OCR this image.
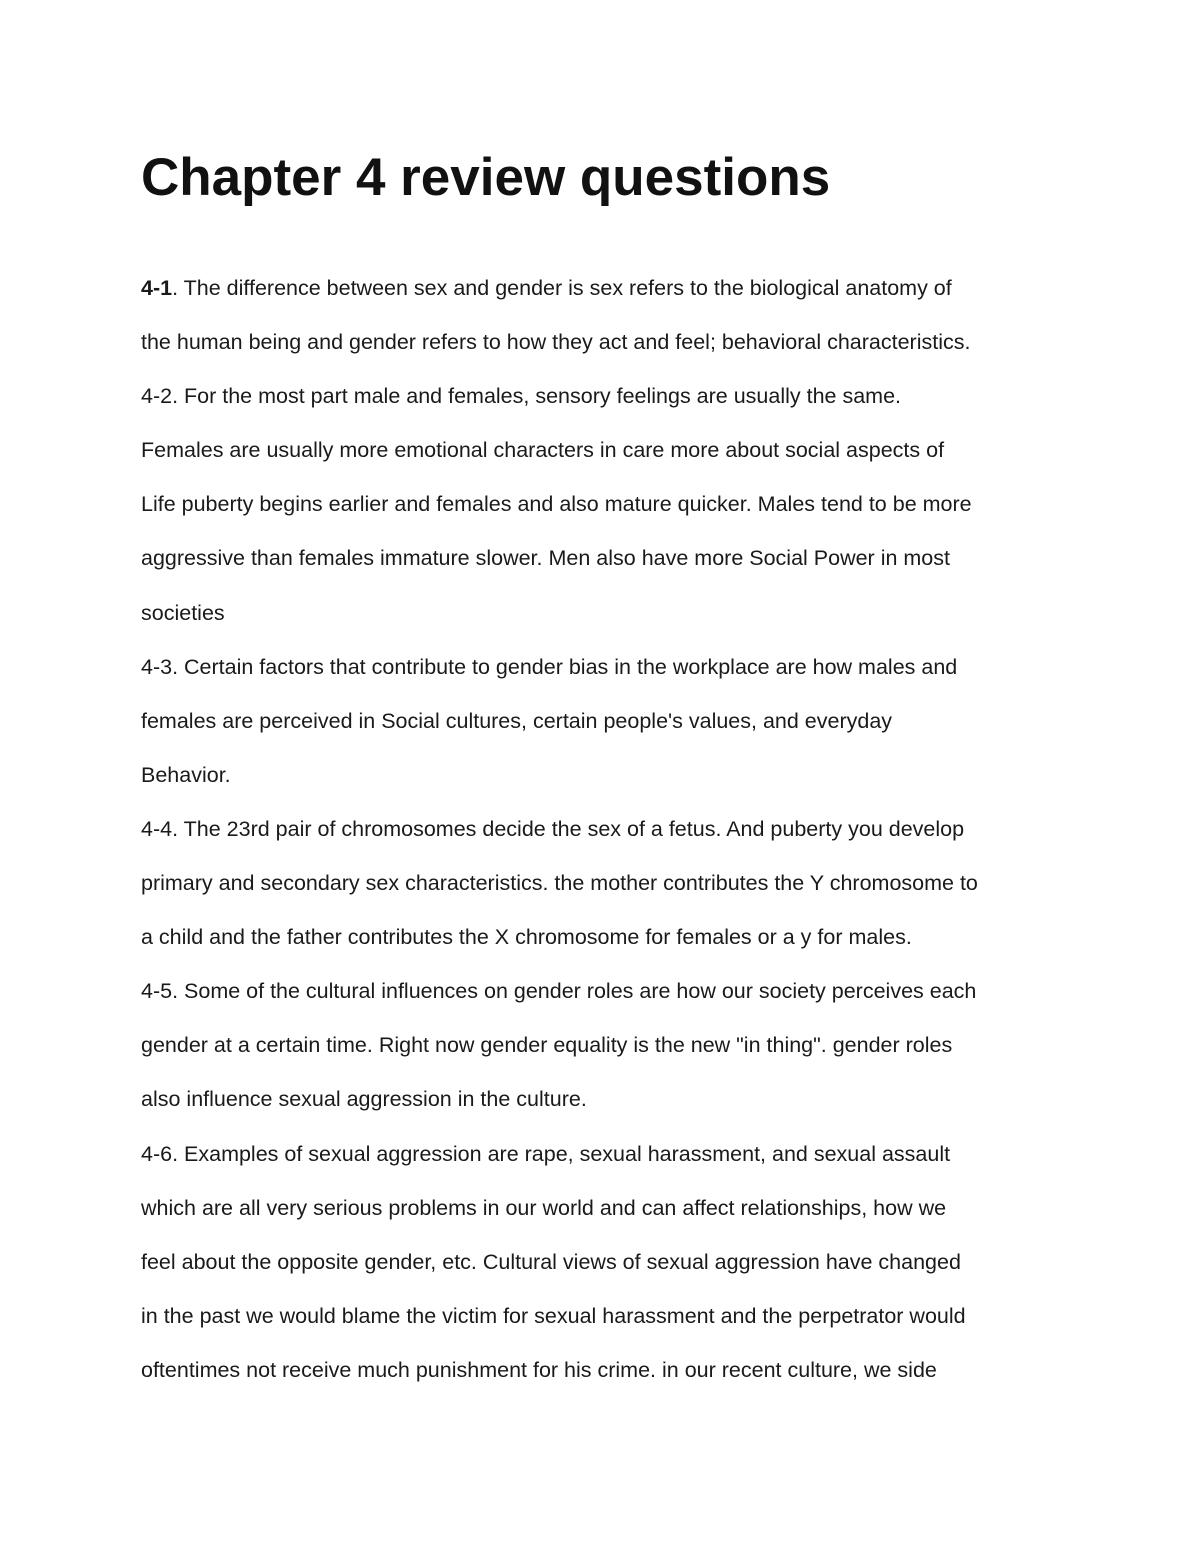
Chapter 4 review questions
4-1. The difference between sex and gender is sex refers to the biological anatomy of
the human being and gender refers to how they act and feel; behavioral characteristics.
4-2. For the most part male and females, sensory feelings are usually the same.
Females are usually more emotional characters in care more about social aspects of
Life puberty begins earlier and females and also mature quicker. Males tend to be more
aggressive than females immature slower. Men also have more Social Power in most
societies
4-3. Certain factors that contribute to gender bias in the workplace are how males and
females are perceived in Social cultures, certain people's values, and everyday
Behavior.
4-4. The 23rd pair of chromosomes decide the sex of a fetus. And puberty you develop
primary and secondary sex characteristics. the mother contributes the Y chromosome to
a child and the father contributes the X chromosome for females or a y for males.
4-5. Some of the cultural influences on gender roles are how our society perceives each
gender at a certain time. Right now gender equality is the new "in thing". gender roles
also influence sexual aggression in the culture.
4-6. Examples of sexual aggression are rape, sexual harassment, and sexual assault
which are all very serious problems in our world and can affect relationships, how we
feel about the opposite gender, etc. Cultural views of sexual aggression have changed
in the past we would blame the victim for sexual harassment and the perpetrator would
oftentimes not receive much punishment for his crime. in our recent culture, we side
